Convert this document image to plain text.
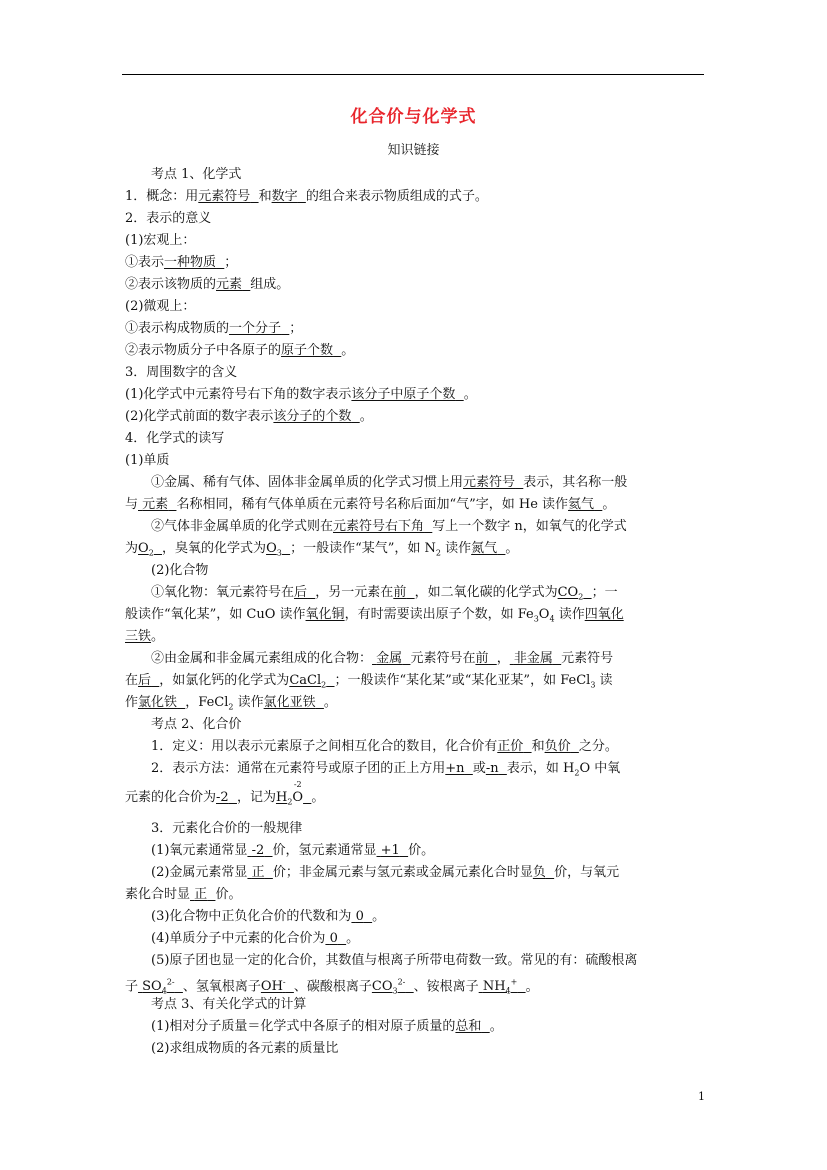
化合价与化学式
知识链接
考点 1、化学式
1．概念：用元素符号 和数字 的组合来表示物质组成的式子。
2．表示的意义
(1)宏观上：
①表示一种物质 ；
②表示该物质的元素 组成。
(2)微观上：
①表示构成物质的一个分子 ；
②表示物质分子中各原子的原子个数 。
3．周围数字的含义
(1)化学式中元素符号右下角的数字表示该分子中原子个数 。
(2)化学式前面的数字表示该分子的个数 。
4．化学式的读写
(1)单质
①金属、稀有气体、固体非金属单质的化学式习惯上用元素符号 表示，其名称一般
与 元素 名称相同，稀有气体单质在元素符号名称后面加“气”字，如 He 读作氦气 。
②气体非金属单质的化学式则在元素符号右下角 写上一个数字 n，如氧气的化学式
为$O_2$ ，臭氧的化学式为$O_3$ ；一般读作“某气”，如 $N_2$ 读作氮气 。
(2)化合物
①氧化物：氧元素符号在后 ，另一元素在前 ，如二氧化碳的化学式为$CO_2$ ；一
般读作“氧化某”，如 CuO 读作氧化铜，有时需要读出原子个数，如 $Fe_3O_4$ 读作四氧化
三铁。
②由金属和非金属元素组成的化合物： 金属 元素符号在前 ， 非金属 元素符号
在后 ，如氯化钙的化学式为CaCl$_2$ ；一般读作“某化某”或“某化亚某”，如 FeCl$_3$ 读
作氯化铁 ，FeCl$_2$ 读作氯化亚铁 。
考点 2、化合价
1．定义：用以表示元素原子之间相互化合的数目，化合价有正价 和负价 之分。
2．表示方法：通常在元素符号或原子团的正上方用+n 或-n 表示，如 $H_2O$ 中氧
元素的化合价为-2 ，记为$H_2$
-2
O 。
3．元素化合价的一般规律
(1)氧元素通常显 -2 价，氢元素通常显 +1 价。
(2)金属元素常显 正 价；非金属元素与氢元素或金属元素化合时显负 价，与氧元
素化合时显 正 价。
(3)化合物中正负化合价的代数和为 0 。
(4)单质分子中元素的化合价为 0 。
(5)原子团也显一定的化合价，其数值与根离子所带电荷数一致。常见的有：硫酸根离
子 $SO_4^{2-}$ 、氢氧根离子OH- 、碳酸根离子$CO_3^{2-}$ 、铵根离子 $NH_4^+$ 。
考点 3、有关化学式的计算
(1)相对分子质量＝化学式中各原子的相对原子质量的总和 。
(2)求组成物质的各元素的质量比
1
